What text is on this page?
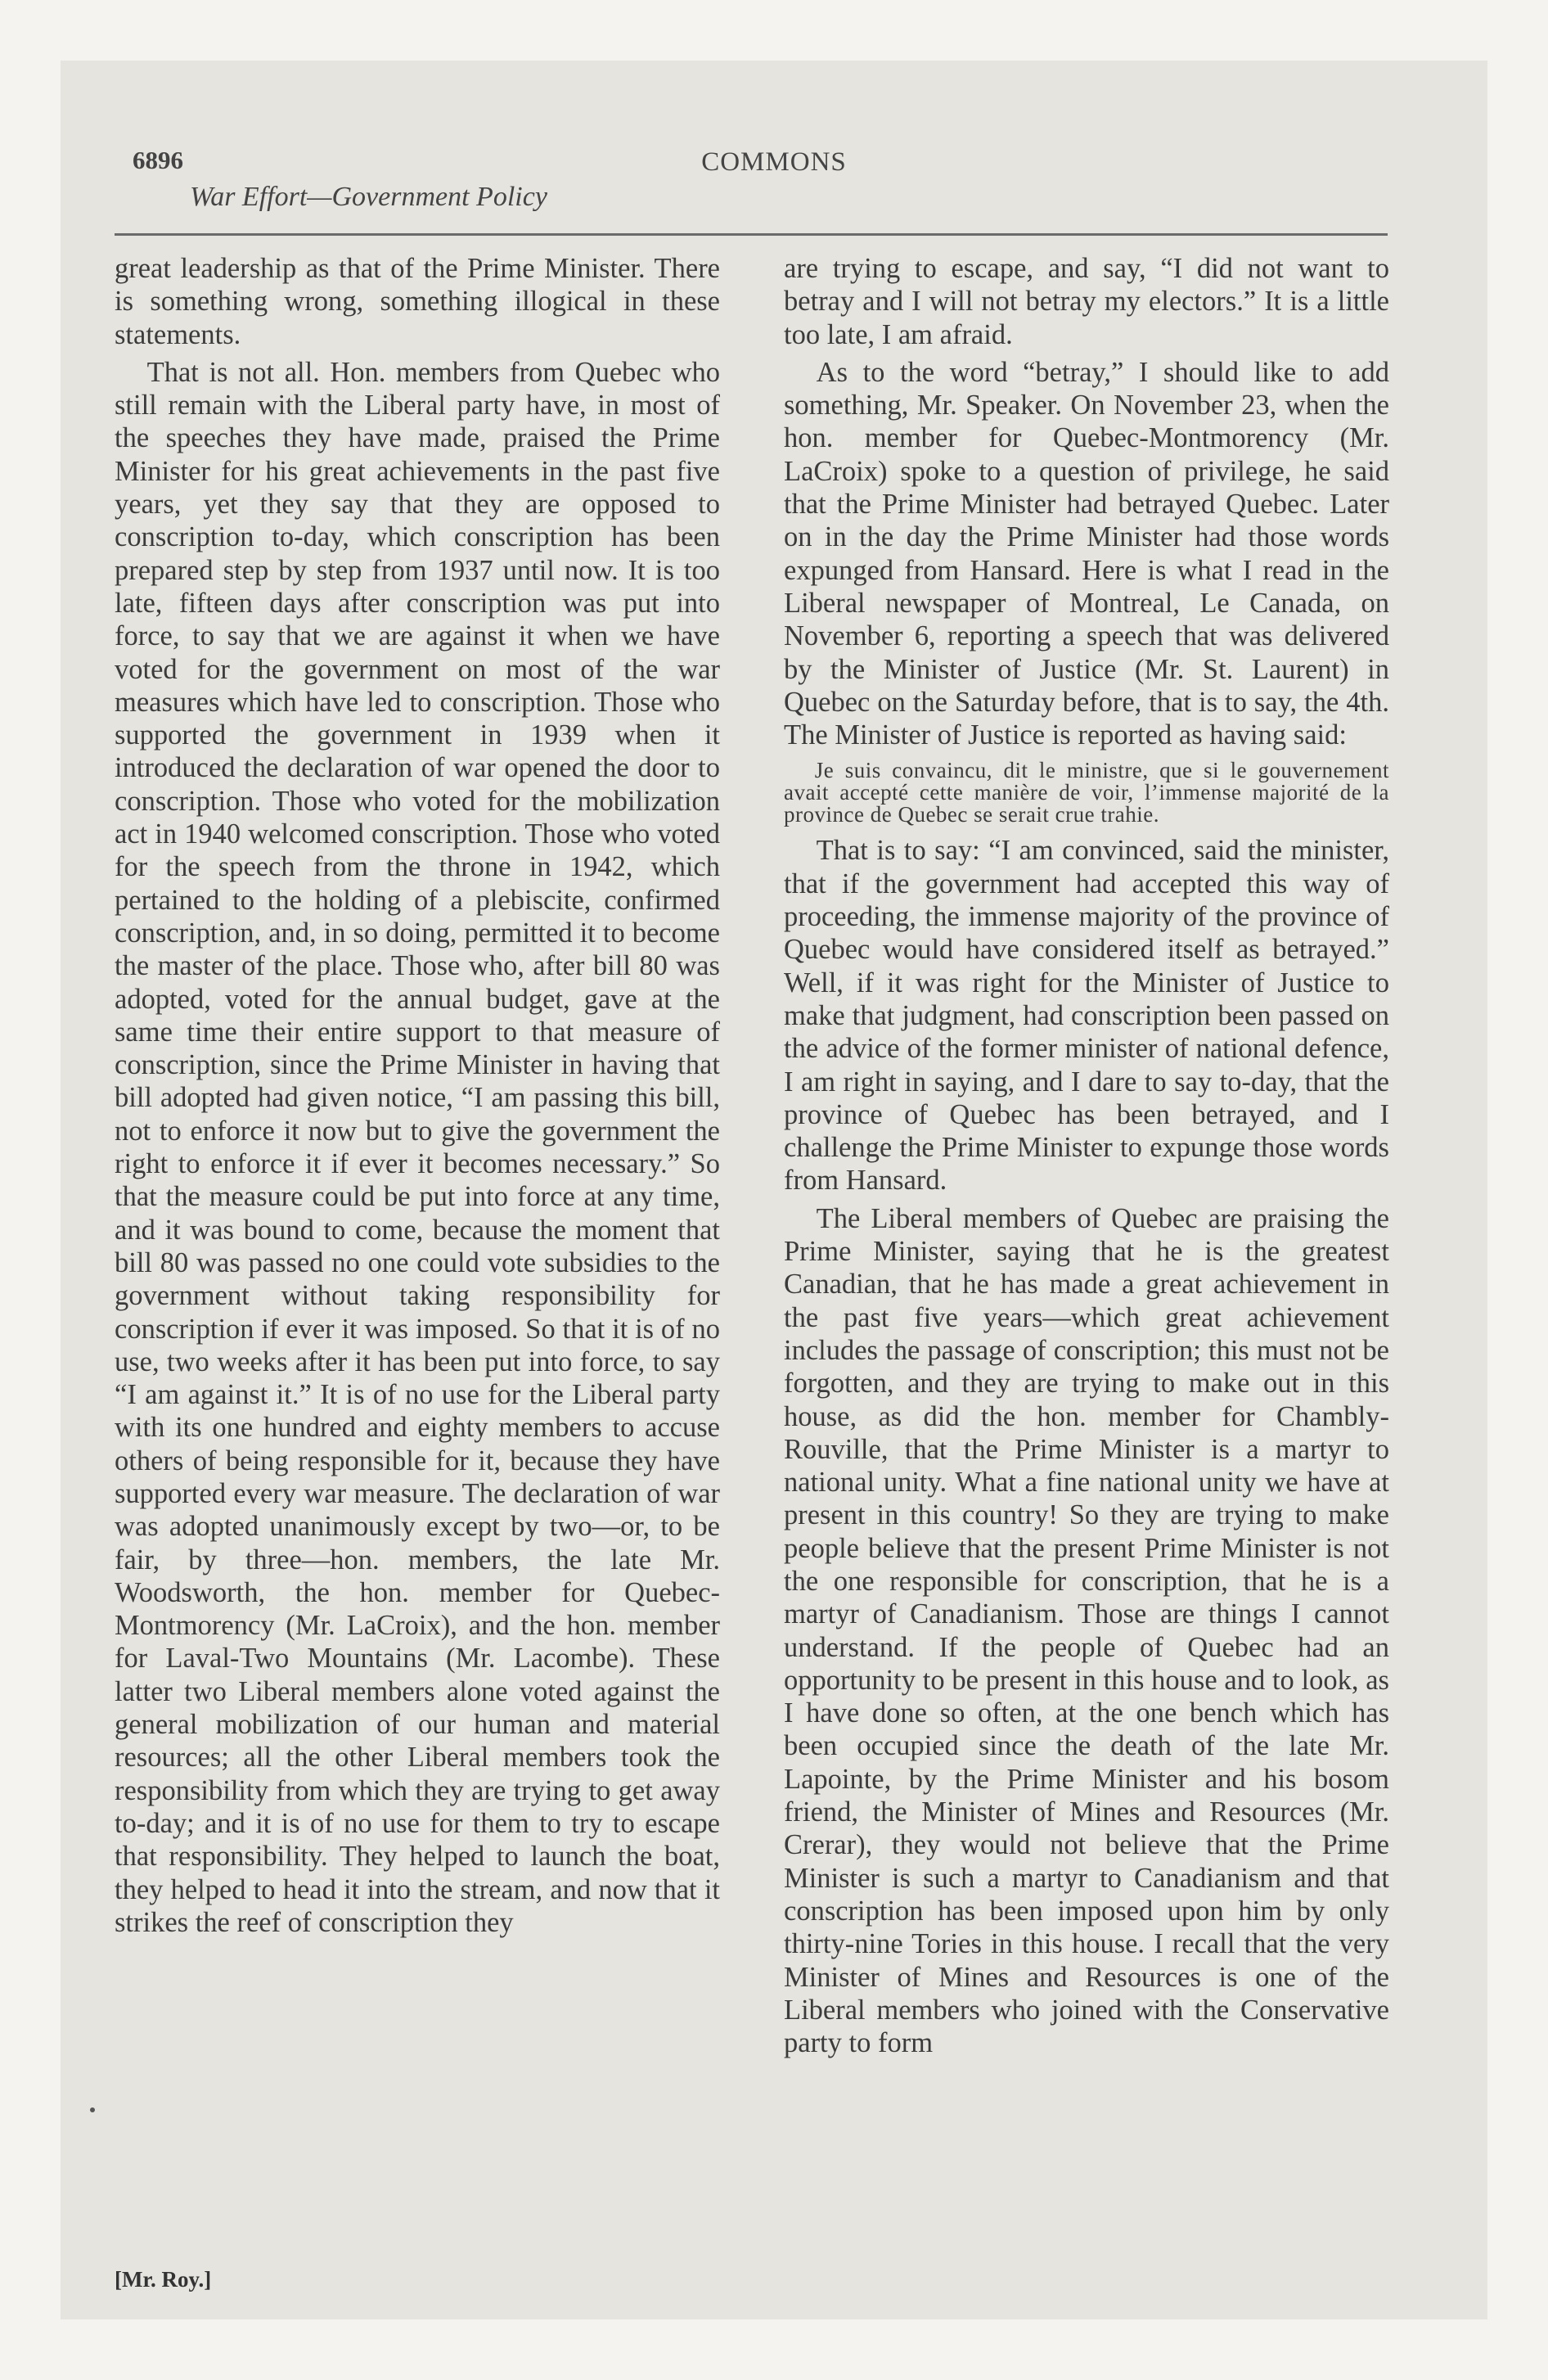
6896	COMMONS
War Effort—Government Policy

great leadership as that of the Prime Minister. There is something wrong, something illogical in these statements.

That is not all. Hon. members from Quebec who still remain with the Liberal party have, in most of the speeches they have made, praised the Prime Minister for his great achievements in the past five years, yet they say that they are opposed to conscription to-day, which conscription has been prepared step by step from 1937 until now. It is too late, fifteen days after conscription was put into force, to say that we are against it when we have voted for the government on most of the war measures which have led to conscription. Those who supported the government in 1939 when it introduced the declaration of war opened the door to conscription. Those who voted for the mobilization act in 1940 welcomed conscription. Those who voted for the speech from the throne in 1942, which pertained to the holding of a plebiscite, confirmed conscription, and, in so doing, permitted it to become the master of the place. Those who, after bill 80 was adopted, voted for the annual budget, gave at the same time their entire support to that measure of conscription, since the Prime Minister in having that bill adopted had given notice, “I am passing this bill, not to enforce it now but to give the government the right to enforce it if ever it becomes necessary.” So that the measure could be put into force at any time, and it was bound to come, because the moment that bill 80 was passed no one could vote subsidies to the government without taking responsibility for conscription if ever it was imposed. So that it is of no use, two weeks after it has been put into force, to say “I am against it.” It is of no use for the Liberal party with its one hundred and eighty members to accuse others of being responsible for it, because they have supported every war measure. The declaration of war was adopted unanimously except by two—or, to be fair, by three—hon. members, the late Mr. Woodsworth, the hon. member for Quebec-Montmorency (Mr. LaCroix), and the hon. member for Laval-Two Mountains (Mr. Lacombe). These latter two Liberal members alone voted against the general mobilization of our human and material resources; all the other Liberal members took the responsibility from which they are trying to get away to-day; and it is of no use for them to try to escape that responsibility. They helped to launch the boat, they helped to head it into the stream, and now that it strikes the reef of conscription they

are trying to escape, and say, “I did not want to betray and I will not betray my electors.” It is a little too late, I am afraid.

As to the word “betray,” I should like to add something, Mr. Speaker. On November 23, when the hon. member for Quebec-Montmorency (Mr. LaCroix) spoke to a question of privilege, he said that the Prime Minister had betrayed Quebec. Later on in the day the Prime Minister had those words expunged from Hansard. Here is what I read in the Liberal newspaper of Montreal, Le Canada, on November 6, reporting a speech that was delivered by the Minister of Justice (Mr. St. Laurent) in Quebec on the Saturday before, that is to say, the 4th. The Minister of Justice is reported as having said:

Je suis convaincu, dit le ministre, que si le gouvernement avait accepté cette manière de voir, l’immense majorité de la province de Quebec se serait crue trahie.

That is to say: “I am convinced, said the minister, that if the government had accepted this way of proceeding, the immense majority of the province of Quebec would have considered itself as betrayed.” Well, if it was right for the Minister of Justice to make that judgment, had conscription been passed on the advice of the former minister of national defence, I am right in saying, and I dare to say to-day, that the province of Quebec has been betrayed, and I challenge the Prime Minister to expunge those words from Hansard.

The Liberal members of Quebec are praising the Prime Minister, saying that he is the greatest Canadian, that he has made a great achievement in the past five years—which great achievement includes the passage of conscription; this must not be forgotten, and they are trying to make out in this house, as did the hon. member for Chambly-Rouville, that the Prime Minister is a martyr to national unity. What a fine national unity we have at present in this country! So they are trying to make people believe that the present Prime Minister is not the one responsible for conscription, that he is a martyr of Canadianism. Those are things I cannot understand. If the people of Quebec had an opportunity to be present in this house and to look, as I have done so often, at the one bench which has been occupied since the death of the late Mr. Lapointe, by the Prime Minister and his bosom friend, the Minister of Mines and Resources (Mr. Crerar), they would not believe that the Prime Minister is such a martyr to Canadianism and that conscription has been imposed upon him by only thirty-nine Tories in this house. I recall that the very Minister of Mines and Resources is one of the Liberal members who joined with the Conservative party to form

[Mr. Roy.]
